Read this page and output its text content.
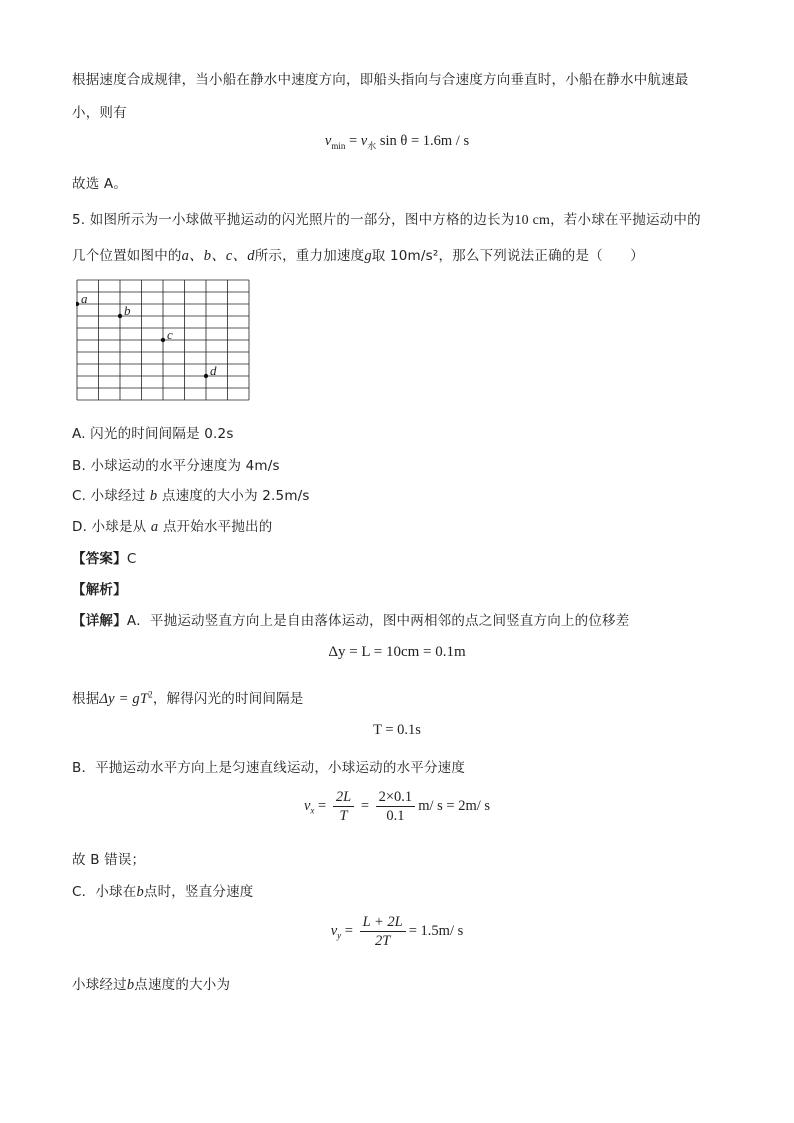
根据速度合成规律，当小船在静水中速度方向，即船头指向与合速度方向垂直时，小船在静水中航速最
小，则有
$v_{min} = v_水$ sin θ = 1.6m / s
故选 A。
5. 如图所示为一小球做平抛运动的闪光照片的一部分，图中方格的边长为10 cm，若小球在平抛运动中的
几个位置如图中的a、b、c、d所示，重力加速度g取 10m/s²，那么下列说法正确的是（　　）
a
b
c
d
A. 闪光的时间间隔是 0.2s
B. 小球运动的水平分速度为 4m/s
C. 小球经过 b 点速度的大小为 2.5m/s
D. 小球是从 a 点开始水平抛出的
【答案】C
【解析】
【详解】A．平抛运动竖直方向上是自由落体运动，图中两相邻的点之间竖直方向上的位移差
Δy = L = 10cm = 0.1m
根据$\Delta y = gT^2$，解得闪光的时间间隔是
T = 0.1s
B．平抛运动水平方向上是匀速直线运动，小球运动的水平分速度
$v_x = \frac{2L}{T} = \frac{2\times 0.1}{0.1} m/$ s = 2m/ s
故 B 错误；
C．小球在b点时，竖直分速度
$v_y = \frac{L + 2L}{2T} = 1.5m/$ s
小球经过b点速度的大小为
